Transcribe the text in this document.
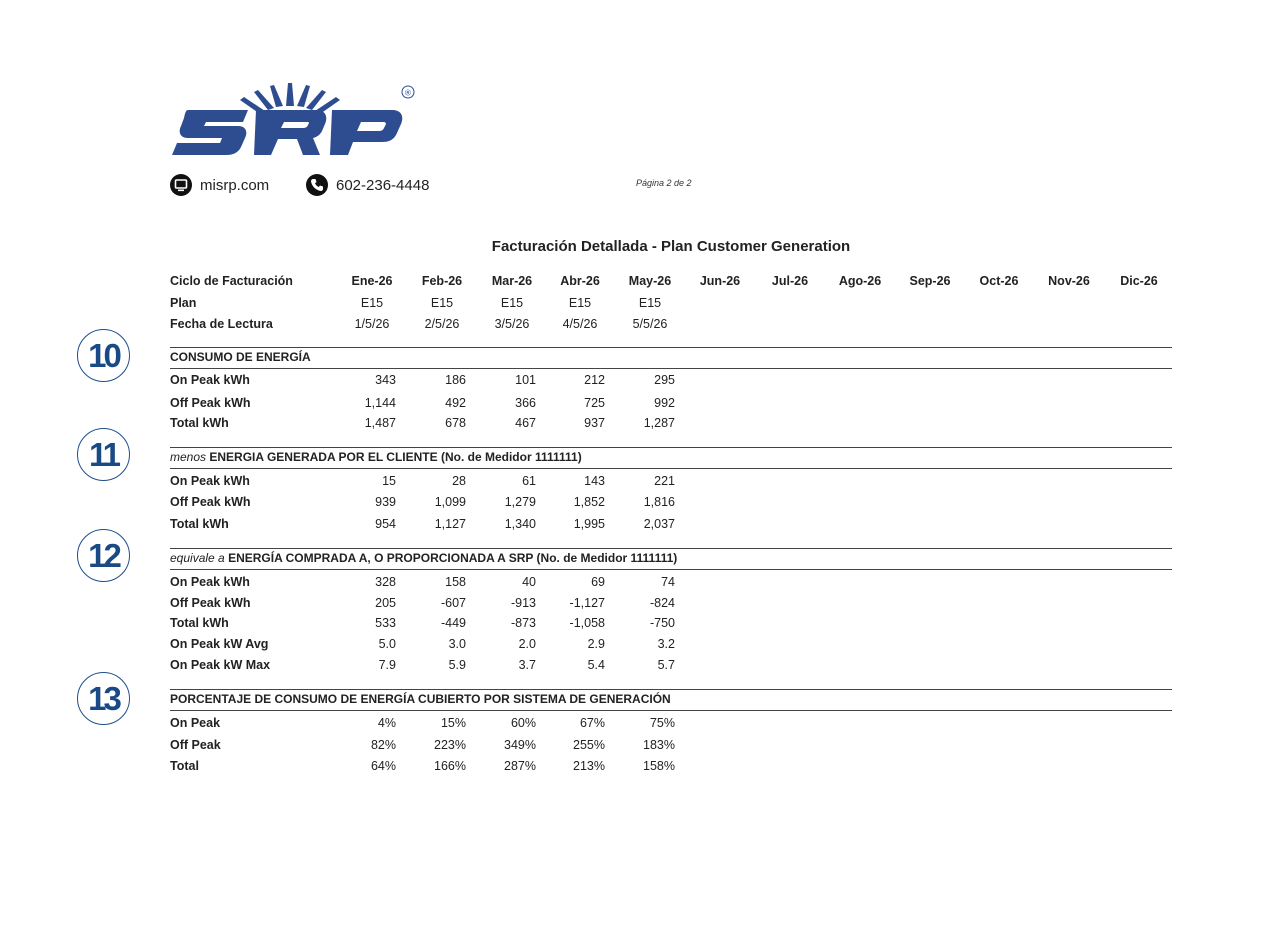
®
misrp.com	602-236-4448	Página 2 de 2
Facturación Detallada - Plan Customer Generation
Ciclo de Facturación	Ene-26	Feb-26	Mar-26	Abr-26	May-26	Jun-26	Jul-26	Ago-26	Sep-26	Oct-26	Nov-26	Dic-26
Plan	E15	E15	E15	E15	E15
Fecha de Lectura	1/5/26	2/5/26	3/5/26	4/5/26	5/5/26
10	CONSUMO DE ENERGÍA
On Peak kWh	343	186	101	212	295
Off Peak kWh	1,144	492	366	725	992
Total kWh	1,487	678	467	937	1,287
11	menos ENERGIA GENERADA POR EL CLIENTE (No. de Medidor 1111111)
On Peak kWh	15	28	61	143	221
Off Peak kWh	939	1,099	1,279	1,852	1,816
Total kWh	954	1,127	1,340	1,995	2,037
12	equivale a ENERGÍA COMPRADA A, O PROPORCIONADA A SRP (No. de Medidor 1111111)
On Peak kWh	328	158	40	69	74
Off Peak kWh	205	-607	-913	-1,127	-824
Total kWh	533	-449	-873	-1,058	-750
On Peak kW Avg	5.0	3.0	2.0	2.9	3.2
On Peak kW Max	7.9	5.9	3.7	5.4	5.7
13	PORCENTAJE DE CONSUMO DE ENERGÍA CUBIERTO POR SISTEMA DE GENERACIÓN
On Peak	4%	15%	60%	67%	75%
Off Peak	82%	223%	349%	255%	183%
Total	64%	166%	287%	213%	158%
